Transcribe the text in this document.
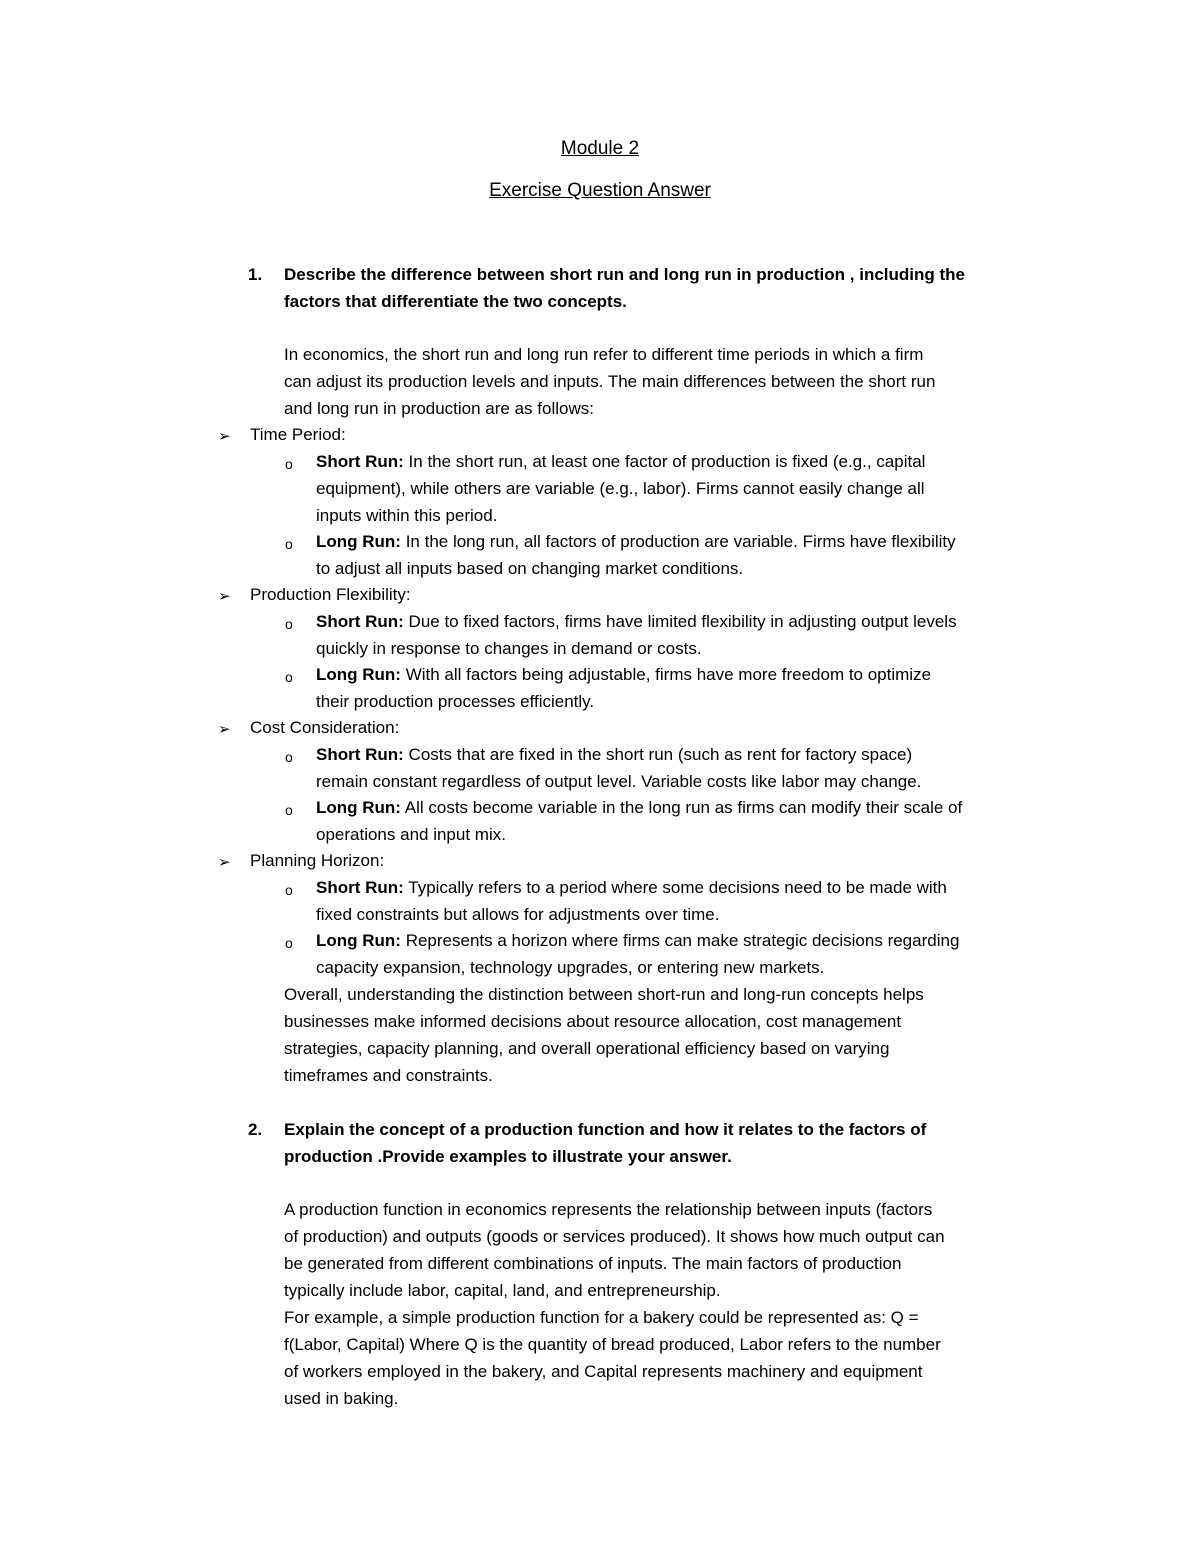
Module 2
Exercise Question Answer
1. Describe the difference between short run and long run in production , including the
factors that differentiate the two concepts.
In economics, the short run and long run refer to different time periods in which a firm
can adjust its production levels and inputs. The main differences between the short run
and long run in production are as follows:
➢ Time Period:
o Short Run: In the short run, at least one factor of production is fixed (e.g., capital
equipment), while others are variable (e.g., labor). Firms cannot easily change all
inputs within this period.
o Long Run: In the long run, all factors of production are variable. Firms have flexibility
to adjust all inputs based on changing market conditions.
➢ Production Flexibility:
o Short Run: Due to fixed factors, firms have limited flexibility in adjusting output levels
quickly in response to changes in demand or costs.
o Long Run: With all factors being adjustable, firms have more freedom to optimize
their production processes efficiently.
➢ Cost Consideration:
o Short Run: Costs that are fixed in the short run (such as rent for factory space)
remain constant regardless of output level. Variable costs like labor may change.
o Long Run: All costs become variable in the long run as firms can modify their scale of
operations and input mix.
➢ Planning Horizon:
o Short Run: Typically refers to a period where some decisions need to be made with
fixed constraints but allows for adjustments over time.
o Long Run: Represents a horizon where firms can make strategic decisions regarding
capacity expansion, technology upgrades, or entering new markets.
Overall, understanding the distinction between short-run and long-run concepts helps
businesses make informed decisions about resource allocation, cost management
strategies, capacity planning, and overall operational efficiency based on varying
timeframes and constraints.
2. Explain the concept of a production function and how it relates to the factors of
production .Provide examples to illustrate your answer.
A production function in economics represents the relationship between inputs (factors
of production) and outputs (goods or services produced). It shows how much output can
be generated from different combinations of inputs. The main factors of production
typically include labor, capital, land, and entrepreneurship.
For example, a simple production function for a bakery could be represented as: Q =
f(Labor, Capital) Where Q is the quantity of bread produced, Labor refers to the number
of workers employed in the bakery, and Capital represents machinery and equipment
used in baking.
